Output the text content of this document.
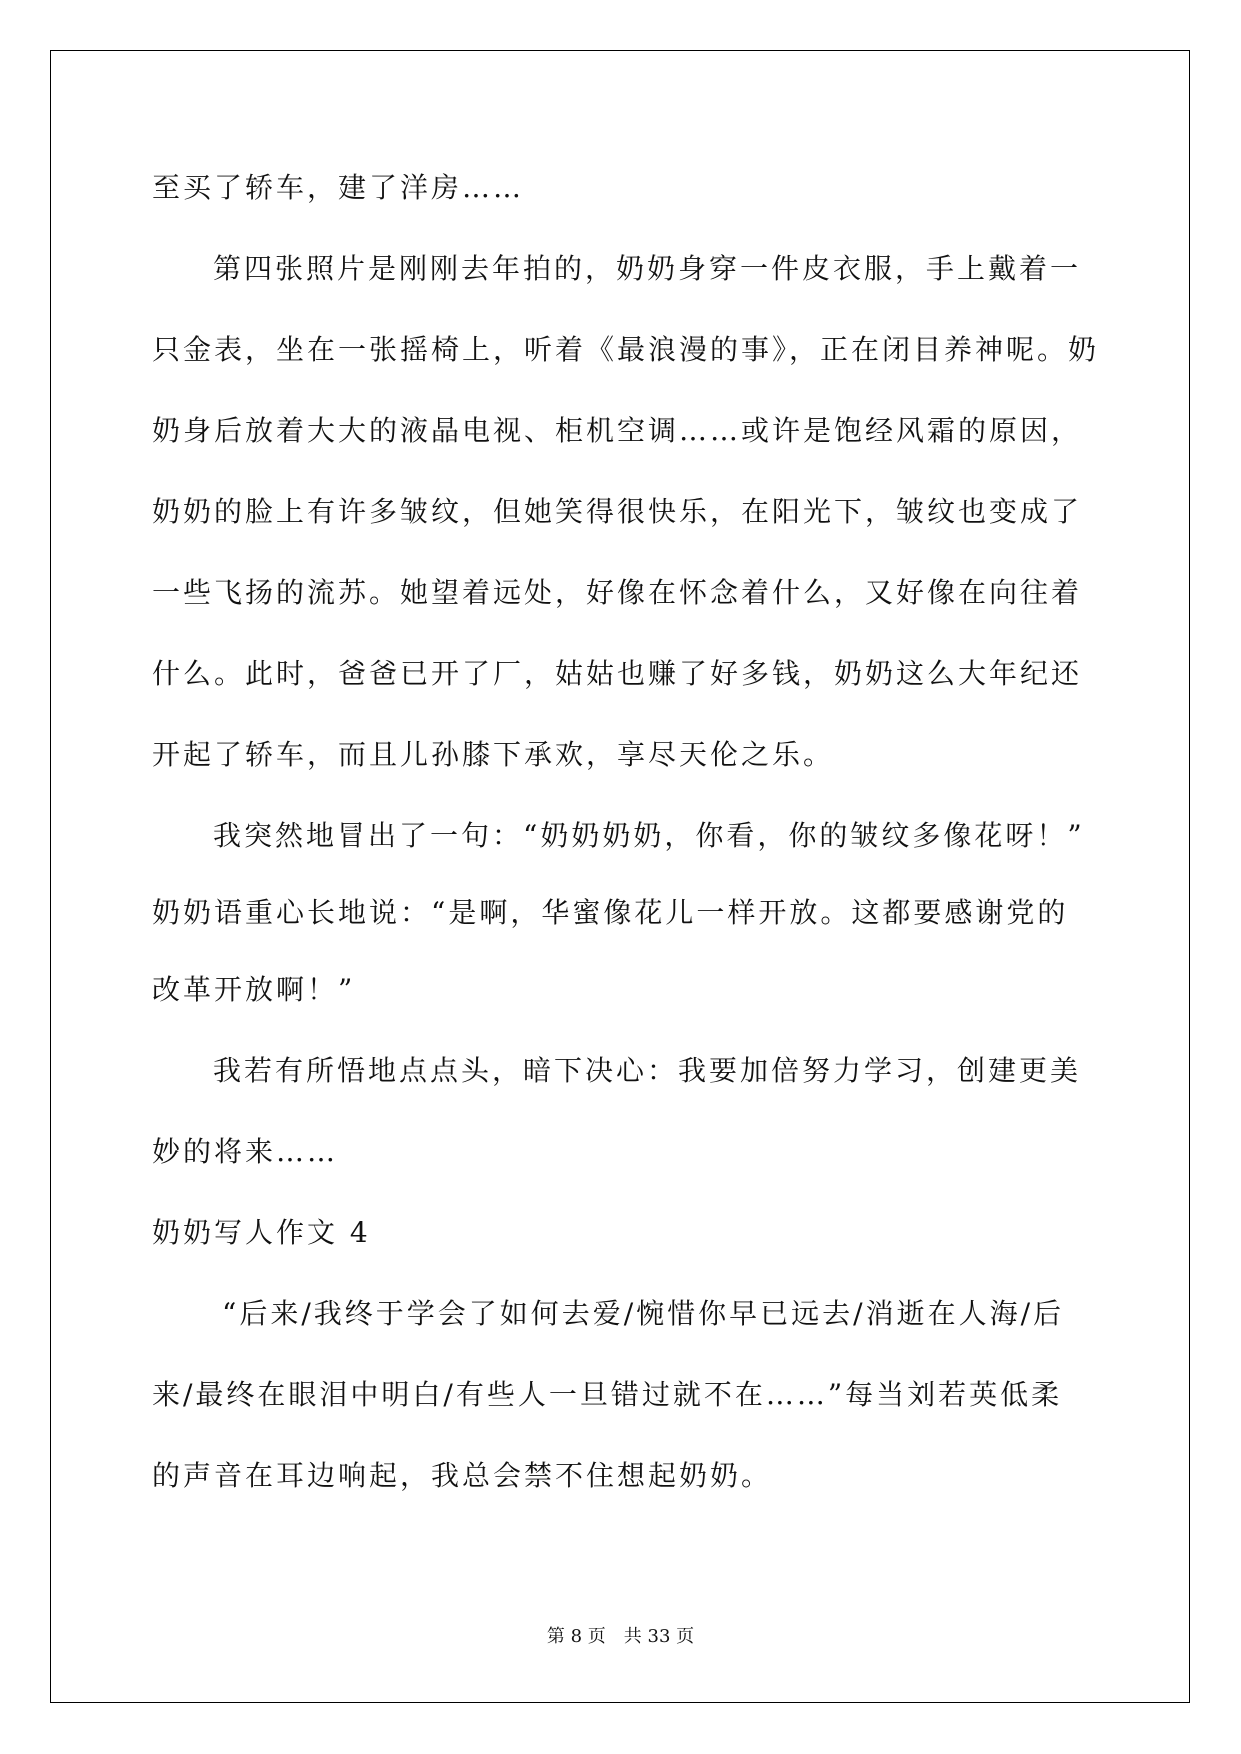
至买了轿车，建了洋房……

第四张照片是刚刚去年拍的，奶奶身穿一件皮衣服，手上戴着一

只金表，坐在一张摇椅上，听着《最浪漫的事》，正在闭目养神呢。奶

奶身后放着大大的液晶电视、柜机空调……或许是饱经风霜的原因，

奶奶的脸上有许多皱纹，但她笑得很快乐，在阳光下，皱纹也变成了

一些飞扬的流苏。她望着远处，好像在怀念着什么，又好像在向往着

什么。此时，爸爸已开了厂，姑姑也赚了好多钱，奶奶这么大年纪还

开起了轿车，而且儿孙膝下承欢，享尽天伦之乐。

我突然地冒出了一句：“奶奶奶奶，你看，你的皱纹多像花呀！”

奶奶语重心长地说：“是啊，华蜜像花儿一样开放。这都要感谢党的

改革开放啊！”

我若有所悟地点点头，暗下决心：我要加倍努力学习，创建更美

妙的将来……

奶奶写人作文 4

“后来/我终于学会了如何去爱/惋惜你早已远去/消逝在人海/后

来/最终在眼泪中明白/有些人一旦错过就不在……”每当刘若英低柔

的声音在耳边响起，我总会禁不住想起奶奶。

第 8 页　共 33 页
